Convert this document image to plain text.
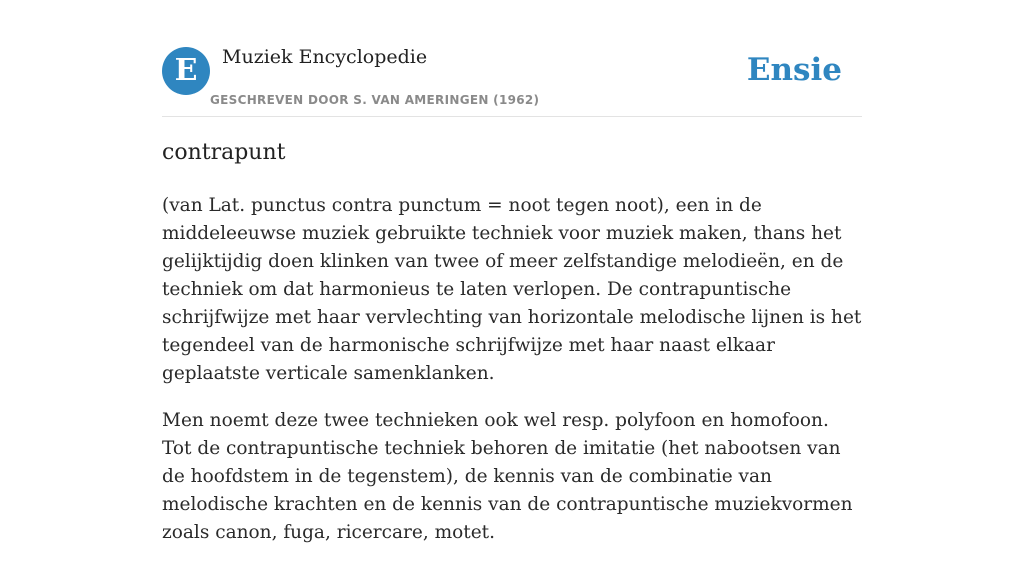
E	Muziek Encyclopedie
GESCHREVEN DOOR S. VAN AMERINGEN (1962)
Ensie
contrapunt

(van Lat. punctus contra punctum = noot tegen noot), een in de middeleeuwse muziek gebruikte techniek voor muziek maken, thans het gelijktijdig doen klinken van twee of meer zelfstandige melodieën, en de techniek om dat harmonieus te laten verlopen. De contrapuntische schrijfwijze met haar vervlechting van horizontale melodische lijnen is het tegendeel van de harmonische schrijfwijze met haar naast elkaar geplaatste verticale samenklanken.

Men noemt deze twee technieken ook wel resp. polyfoon en homofoon. Tot de contrapuntische techniek behoren de imitatie (het nabootsen van de hoofdstem in de tegenstem), de kennis van de combinatie van melodische krachten en de kennis van de contrapuntische muziekvormen zoals canon, fuga, ricercare, motet.
